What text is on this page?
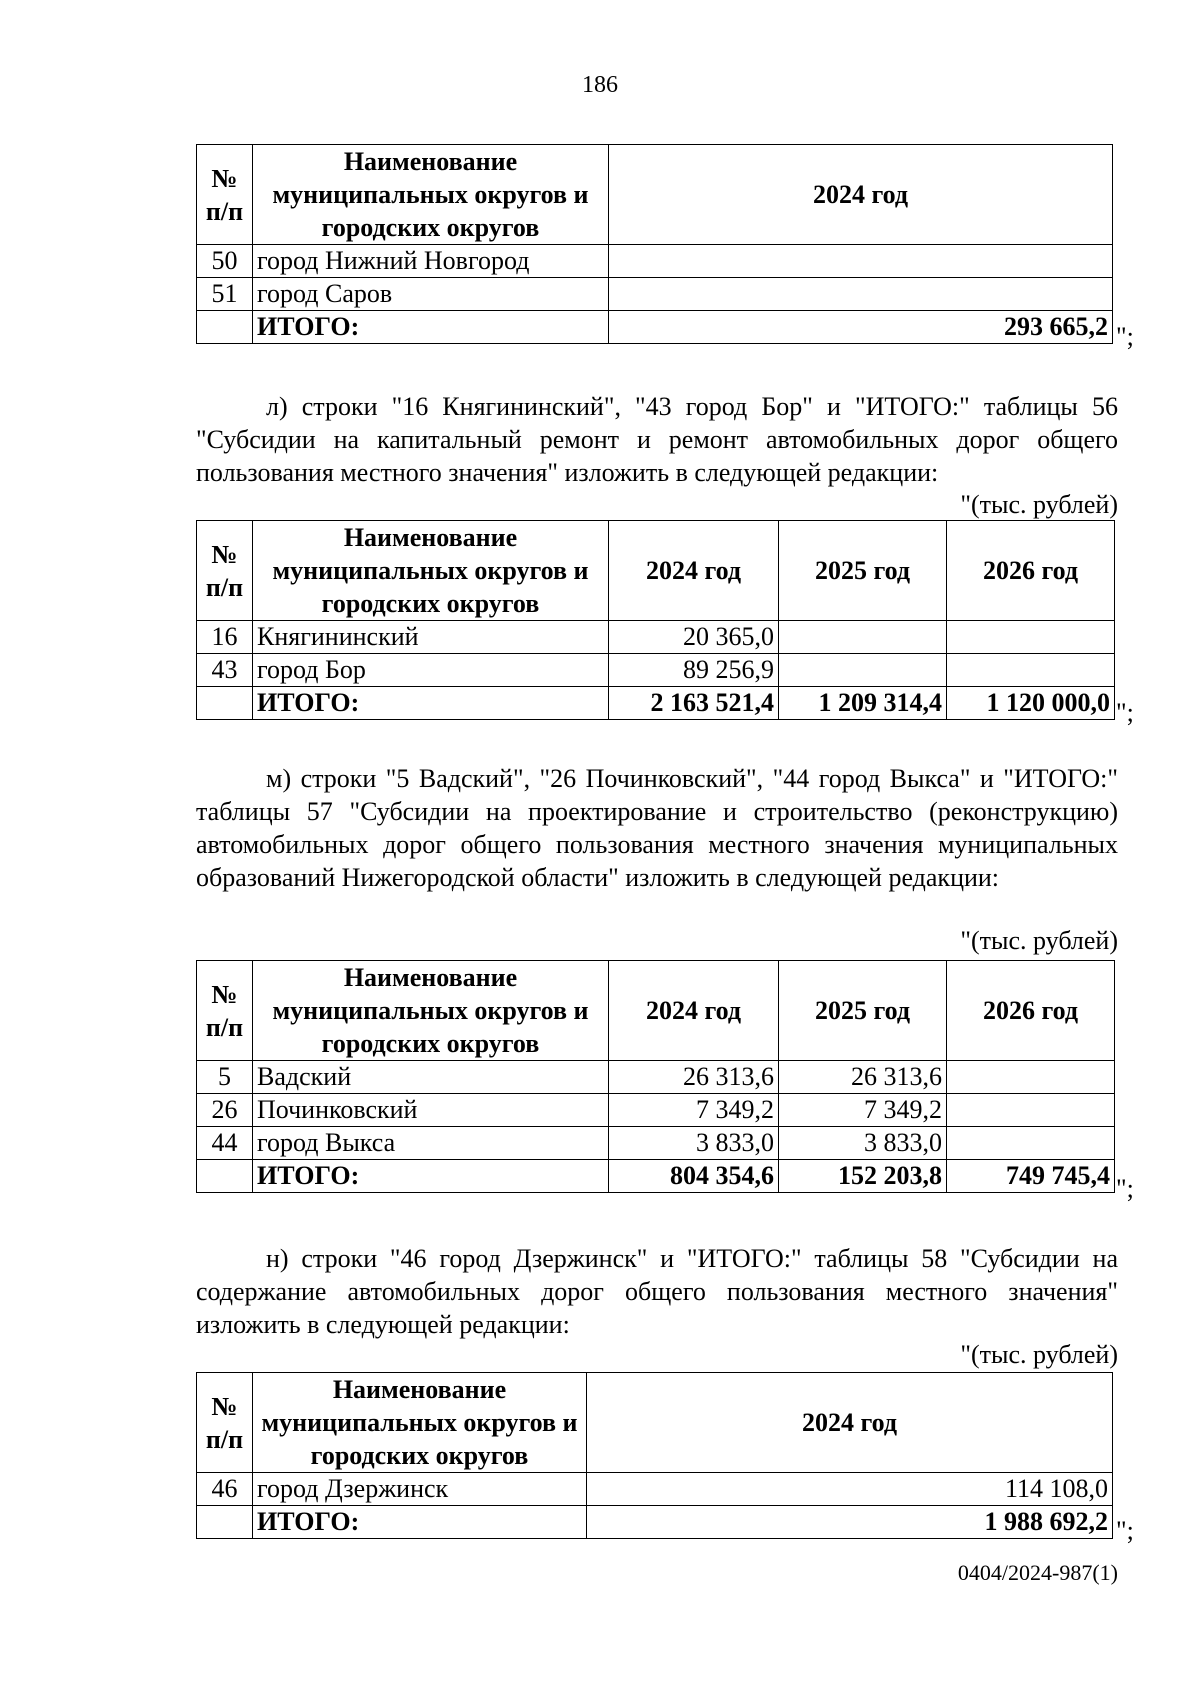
186
№ п/п	Наименование муниципальных округов и городских округов	2024 год
50	город Нижний Новгород	
51	город Саров	
	ИТОГО:	293 665,2 ";
л) строки "16 Княгининский", "43 город Бор" и "ИТОГО:" таблицы 56 "Субсидии на капитальный ремонт и ремонт автомобильных дорог общего пользования местного значения" изложить в следующей редакции:
"(тыс. рублей)
№ п/п	Наименование муниципальных округов и городских округов	2024 год	2025 год	2026 год
16	Княгининский	20 365,0		
43	город Бор	89 256,9		
	ИТОГО:	2 163 521,4	1 209 314,4	1 120 000,0 ";
м) строки "5 Вадский", "26 Починковский", "44 город Выкса" и "ИТОГО:" таблицы 57 "Субсидии на проектирование и строительство (реконструкцию) автомобильных дорог общего пользования местного значения муниципальных образований Нижегородской области" изложить в следующей редакции:
"(тыс. рублей)
№ п/п	Наименование муниципальных округов и городских округов	2024 год	2025 год	2026 год
5	Вадский	26 313,6	26 313,6	
26	Починковский	7 349,2	7 349,2	
44	город Выкса	3 833,0	3 833,0	
	ИТОГО:	804 354,6	152 203,8	749 745,4 ";
н) строки "46 город Дзержинск" и "ИТОГО:" таблицы 58 "Субсидии на содержание автомобильных дорог общего пользования местного значения" изложить в следующей редакции:
"(тыс. рублей)
№ п/п	Наименование муниципальных округов и городских округов	2024 год
46	город Дзержинск	114 108,0
	ИТОГО:	1 988 692,2 ";
0404/2024-987(1)
